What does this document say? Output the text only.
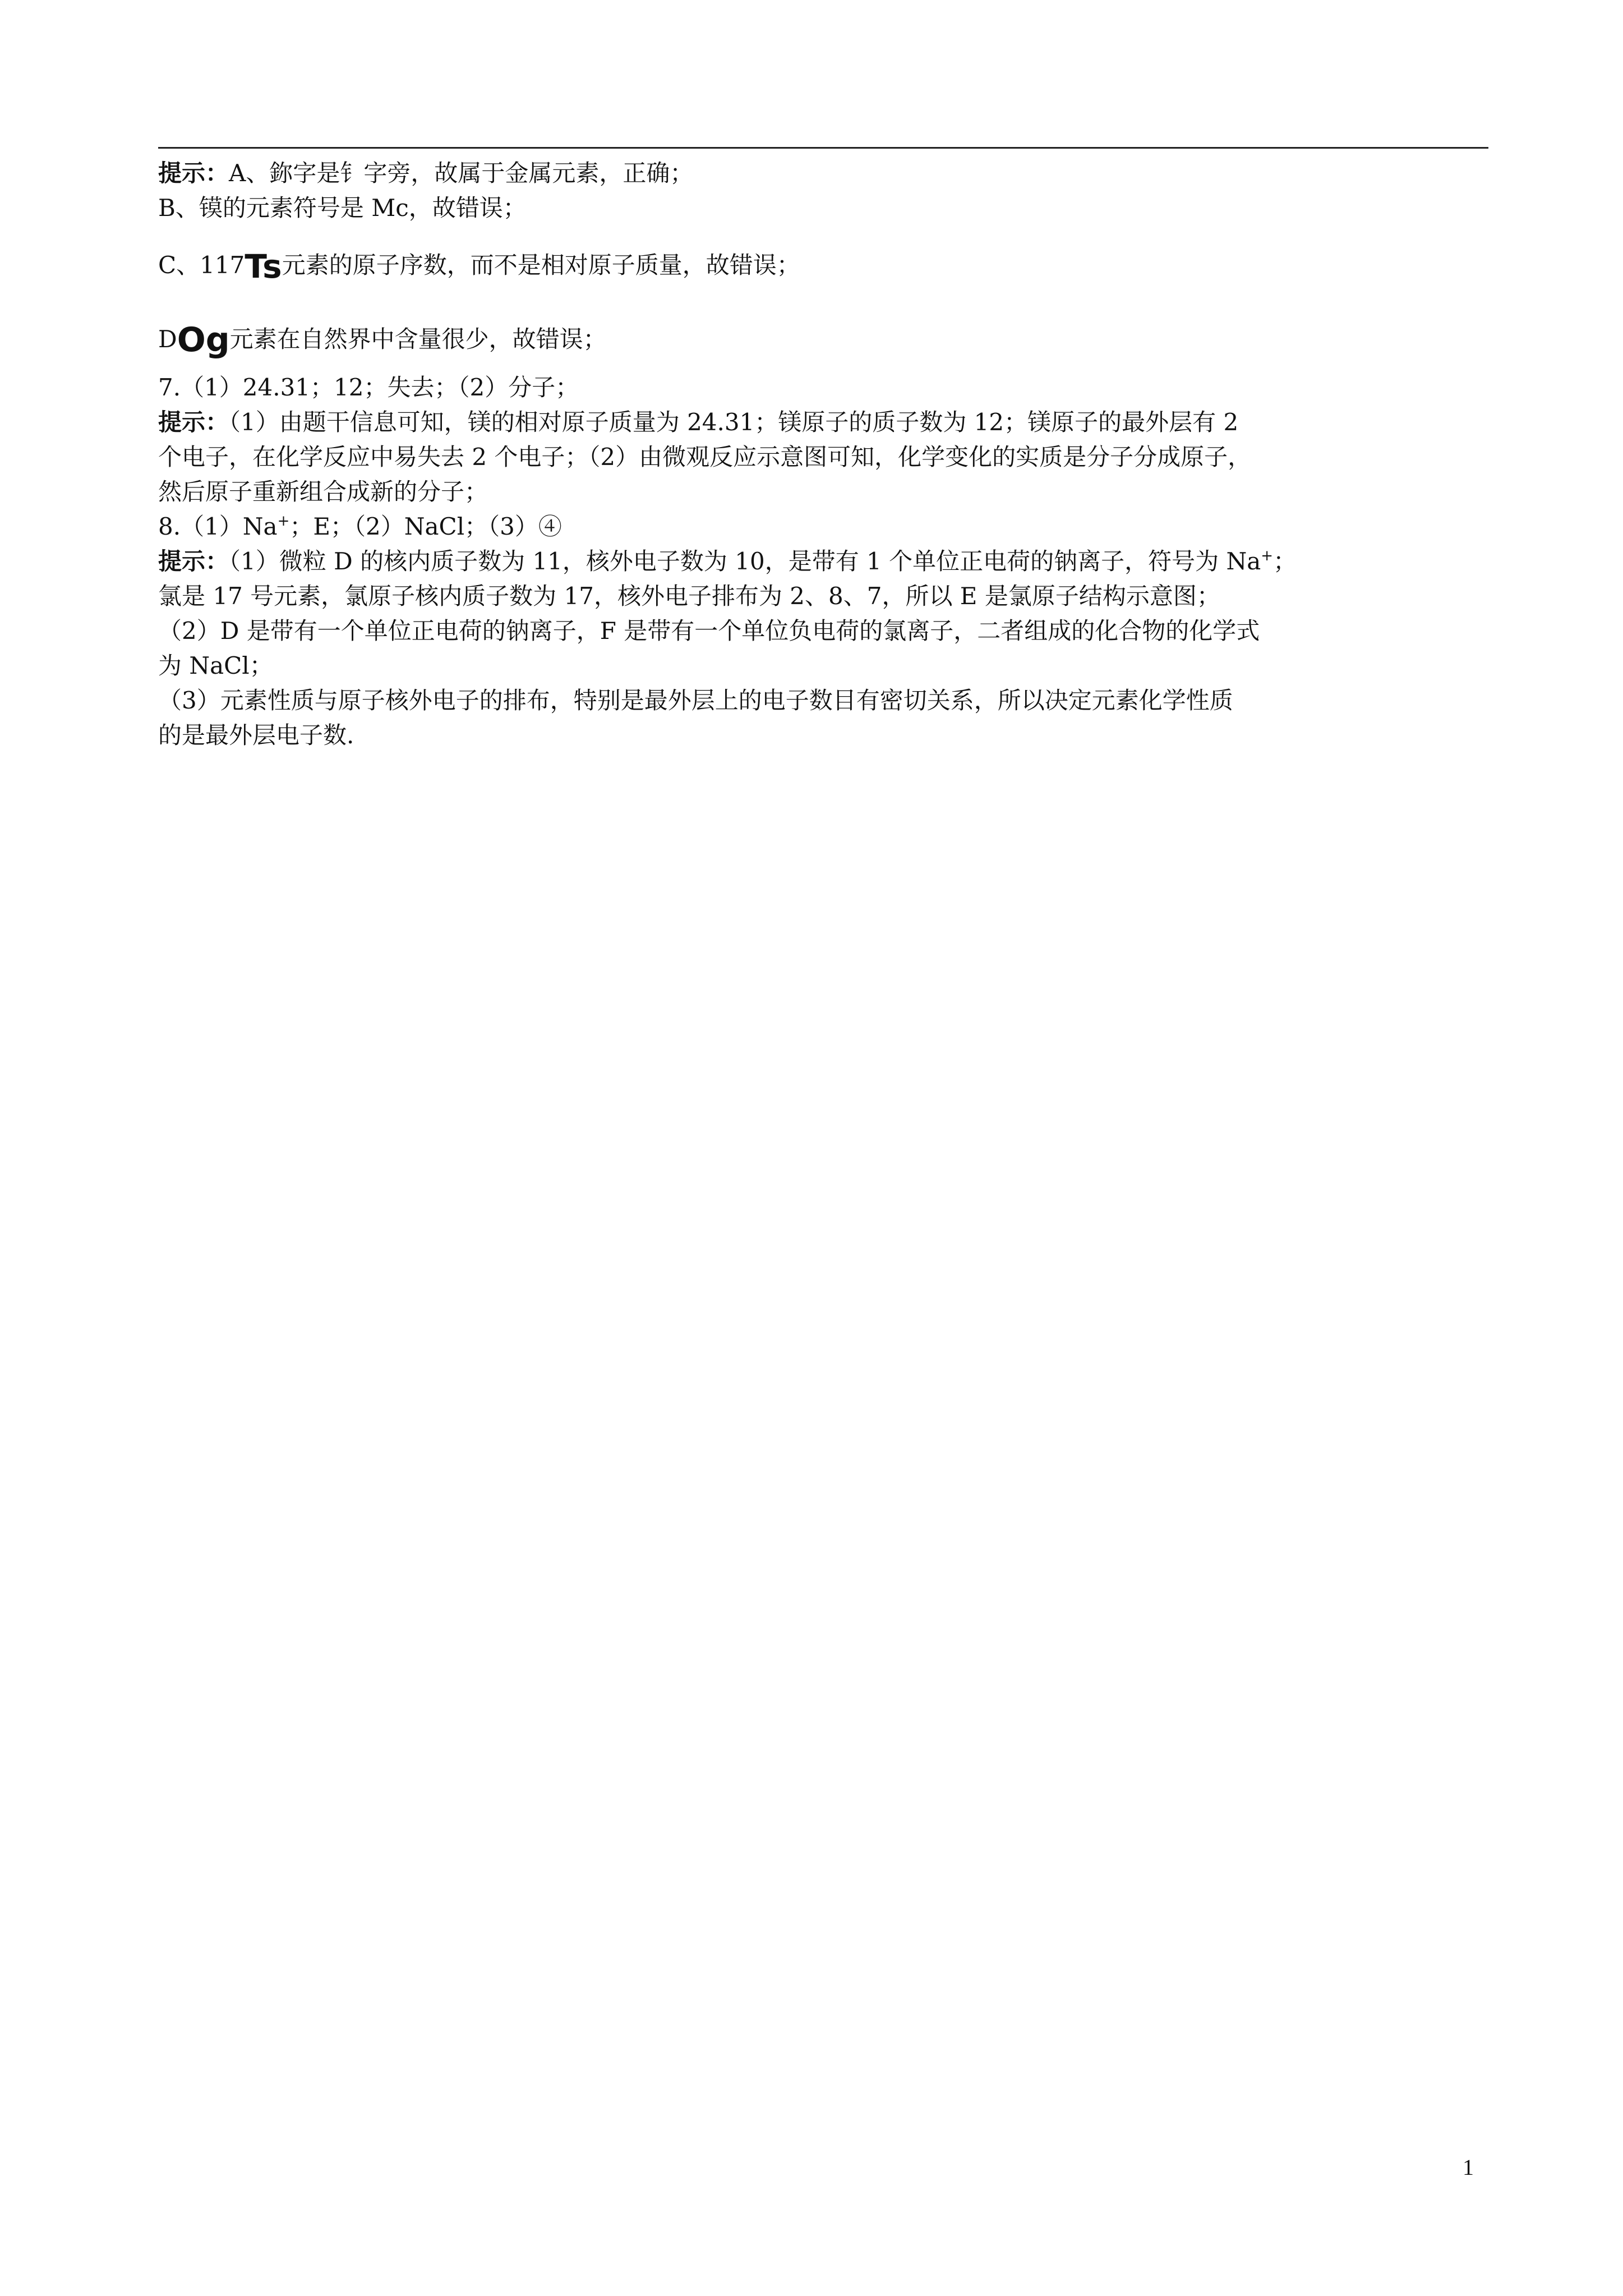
提示：A、鉨字是钅字旁，故属于金属元素，正确；
B、镆的元素符号是 Mc，故错误；
C、117 Ts 元素的原子序数，而不是相对原子质量，故错误；
D Og 元素在自然界中含量很少，故错误；
7.（1）24.31；12；失去；（2）分子；
提示：（1）由题干信息可知，镁的相对原子质量为 24.31；镁原子的质子数为 12；镁原子的最外层有 2
个电子，在化学反应中易失去 2 个电子；（2）由微观反应示意图可知，化学变化的实质是分子分成原子，
然后原子重新组合成新的分子；
8.（1）Na+；E；（2）NaCl；（3）④
提示：（1）微粒 D 的核内质子数为 11，核外电子数为 10，是带有 1 个单位正电荷的钠离子，符号为 Na+；
氯是 17 号元素，氯原子核内质子数为 17，核外电子排布为 2、8、7，所以 E 是氯原子结构示意图；
（2）D 是带有一个单位正电荷的钠离子，F 是带有一个单位负电荷的氯离子，二者组成的化合物的化学式
为 NaCl；
（3）元素性质与原子核外电子的排布，特别是最外层上的电子数目有密切关系，所以决定元素化学性质
的是最外层电子数.
1
